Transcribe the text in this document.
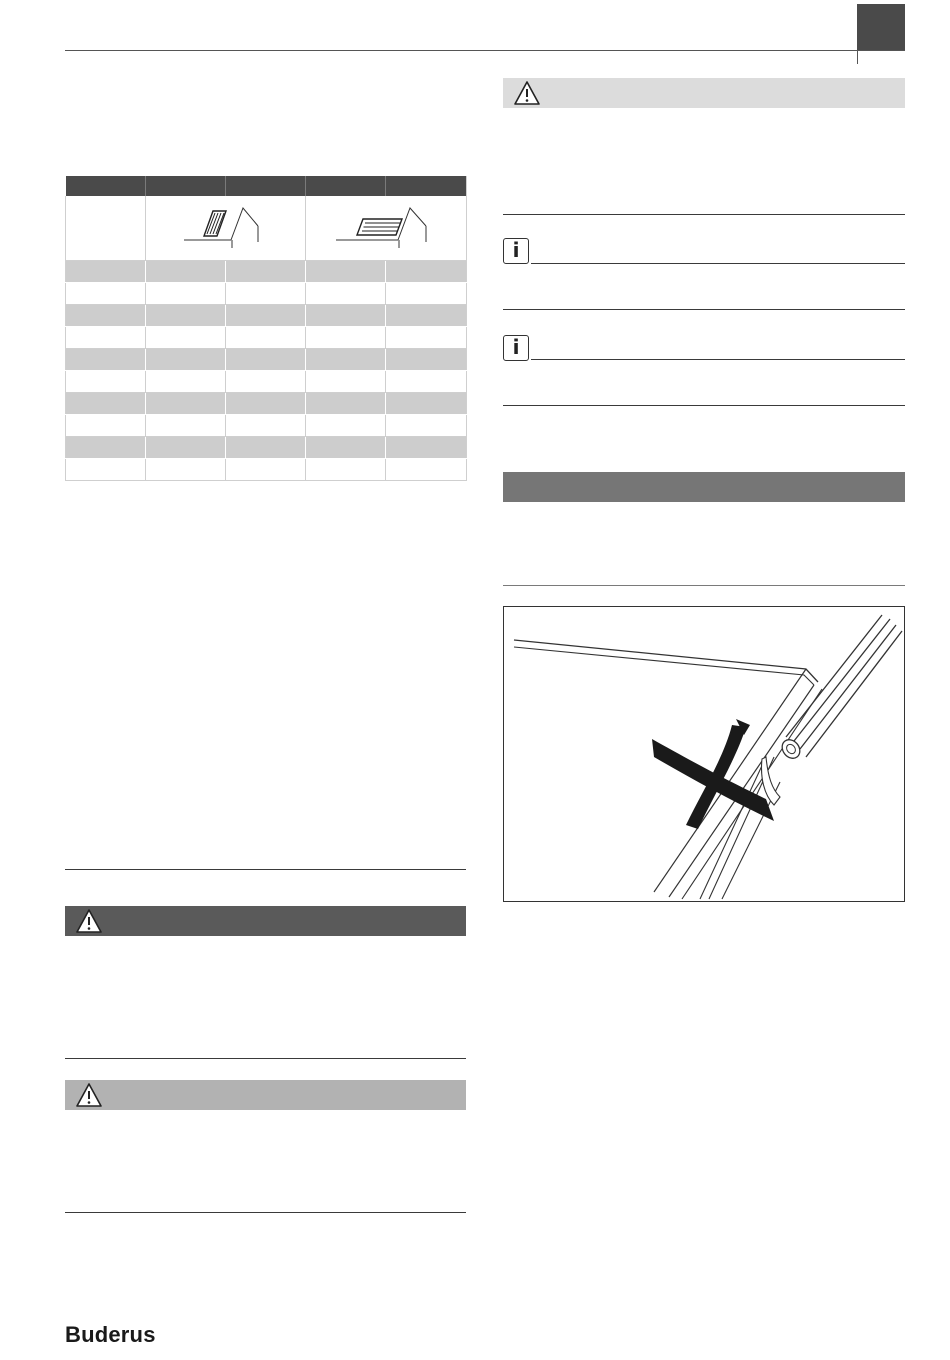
i
i
Buderus
